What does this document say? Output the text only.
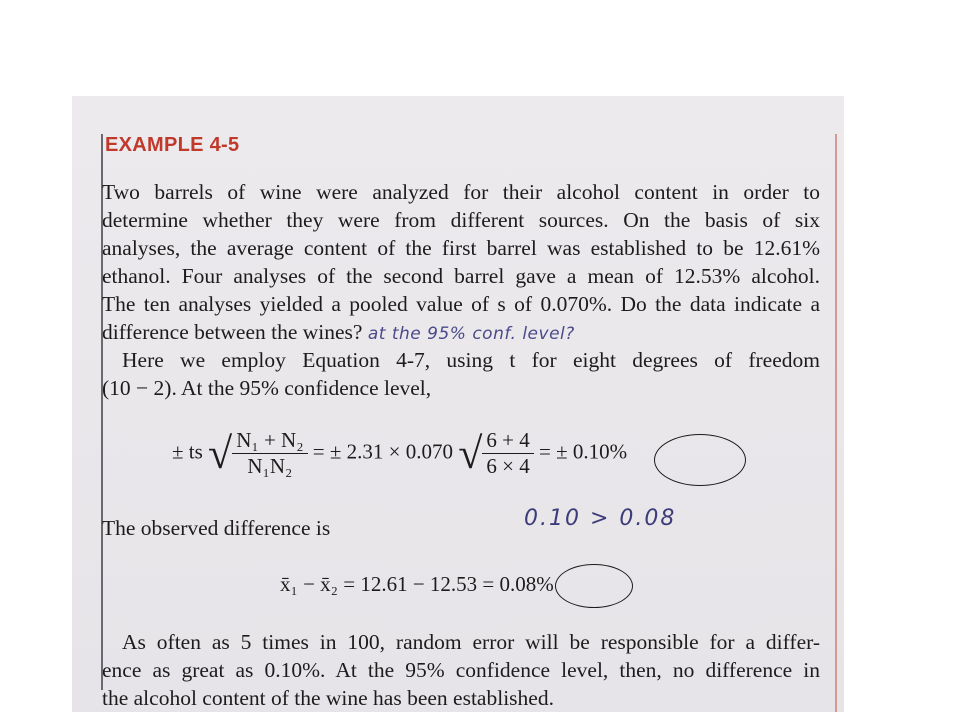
EXAMPLE 4-5
Two barrels of wine were analyzed for their alcohol content in order to
determine whether they were from different sources. On the basis of six
analyses, the average content of the first barrel was established to be 12.61%
ethanol. Four analyses of the second barrel gave a mean of 12.53% alcohol.
The ten analyses yielded a pooled value of s of 0.070%. Do the data indicate a
difference between the wines? at the 95% conf. level?
Here we employ Equation 4-7, using t for eight degrees of freedom
(10 − 2). At the 95% confidence level,
± ts √ $\frac{\text{N₁ + N₂}}{\text{N₁N₂}}$ = ± 2.31 × 0.070 √ $\frac{6 + 4}{6 \times 4}$ = ± 0.10%
The observed difference is	0.10 > 0.08
x̄₁ − x̄₂ = 12.61 − 12.53 = 0.08%
As often as 5 times in 100, random error will be responsible for a differ-
ence as great as 0.10%. At the 95% confidence level, then, no difference in
the alcohol content of the wine has been established.
